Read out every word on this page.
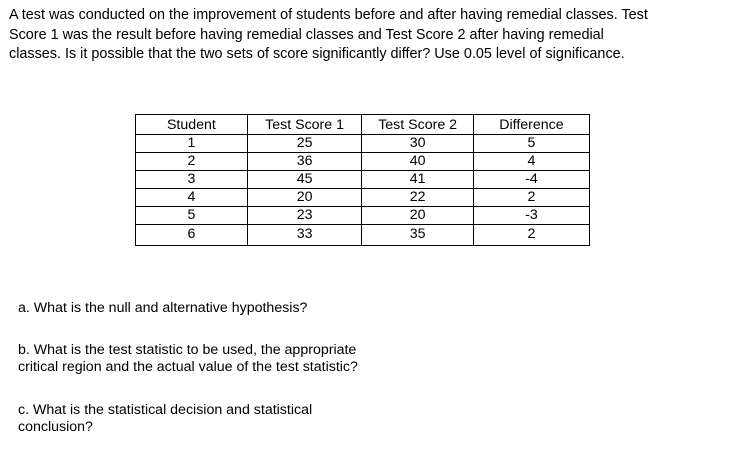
A test was conducted on the improvement of students before and after having remedial classes. Test
Score 1 was the result before having remedial classes and Test Score 2 after having remedial
classes. Is it possible that the two sets of score significantly differ? Use 0.05 level of significance.

Student	Test Score 1	Test Score 2	Difference
1	25	30	5
2	36	40	4
3	45	41	-4
4	20	22	2
5	23	20	-3
6	33	35	2

a. What is the null and alternative hypothesis?

b. What is the test statistic to be used, the appropriate
critical region and the actual value of the test statistic?

c. What is the statistical decision and statistical
conclusion?
